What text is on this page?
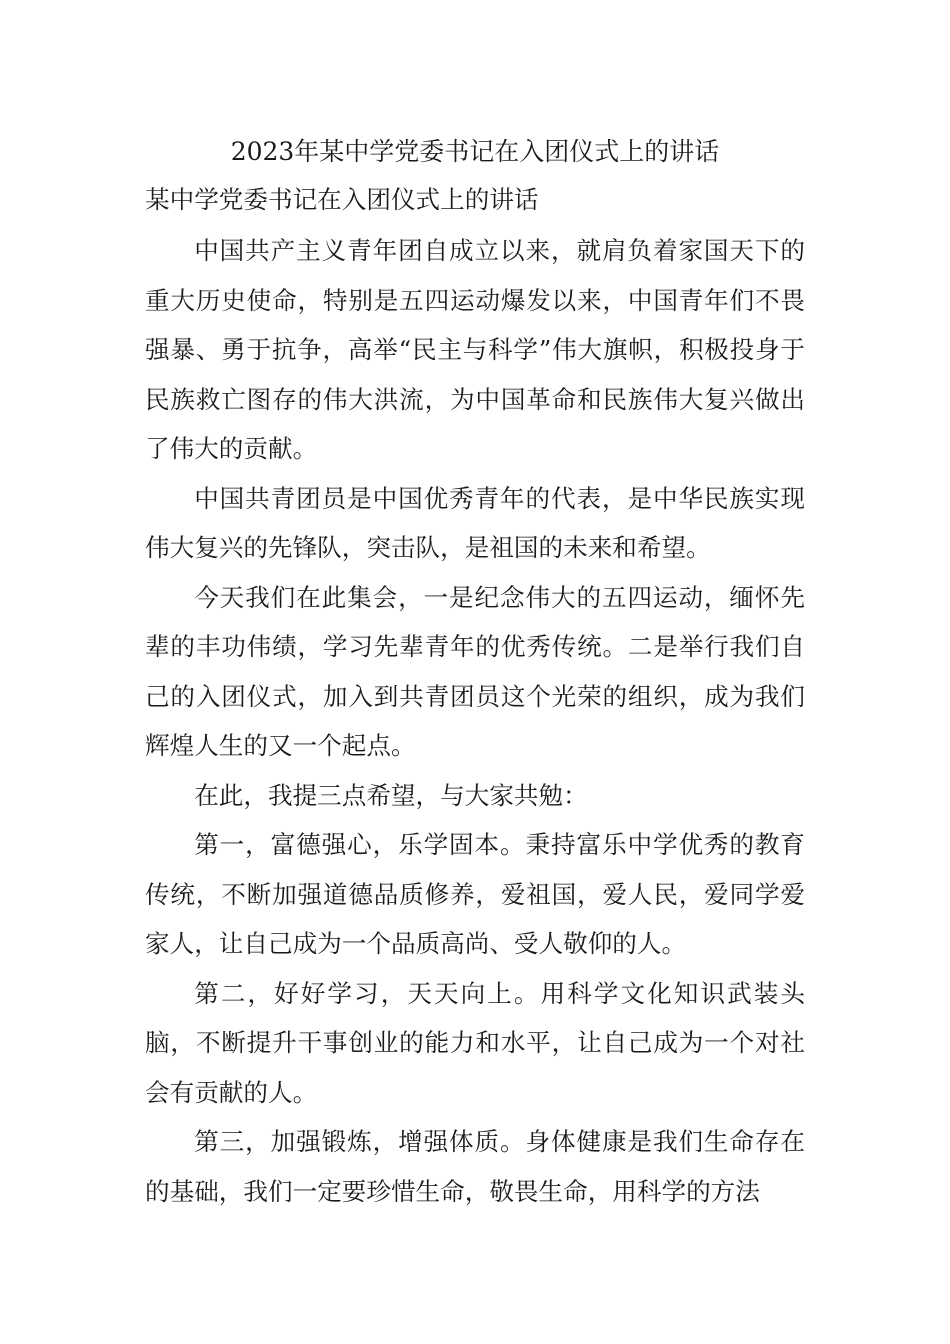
2023年某中学党委书记在入团仪式上的讲话
某中学党委书记在入团仪式上的讲话

中国共产主义青年团自成立以来，就肩负着家国天下的重大历史使命，特别是五四运动爆发以来，中国青年们不畏强暴、勇于抗争，高举“民主与科学”伟大旗帜，积极投身于民族救亡图存的伟大洪流，为中国革命和民族伟大复兴做出了伟大的贡献。

中国共青团员是中国优秀青年的代表，是中华民族实现伟大复兴的先锋队，突击队，是祖国的未来和希望。

今天我们在此集会，一是纪念伟大的五四运动，缅怀先辈的丰功伟绩，学习先辈青年的优秀传统。二是举行我们自己的入团仪式，加入到共青团员这个光荣的组织，成为我们辉煌人生的又一个起点。

在此，我提三点希望，与大家共勉：

第一，富德强心，乐学固本。秉持富乐中学优秀的教育传统，不断加强道德品质修养，爱祖国，爱人民，爱同学爱家人，让自己成为一个品质高尚、受人敬仰的人。

第二，好好学习，天天向上。用科学文化知识武装头脑，不断提升干事创业的能力和水平，让自己成为一个对社会有贡献的人。

第三，加强锻炼，增强体质。身体健康是我们生命存在的基础，我们一定要珍惜生命，敬畏生命，用科学的方法
